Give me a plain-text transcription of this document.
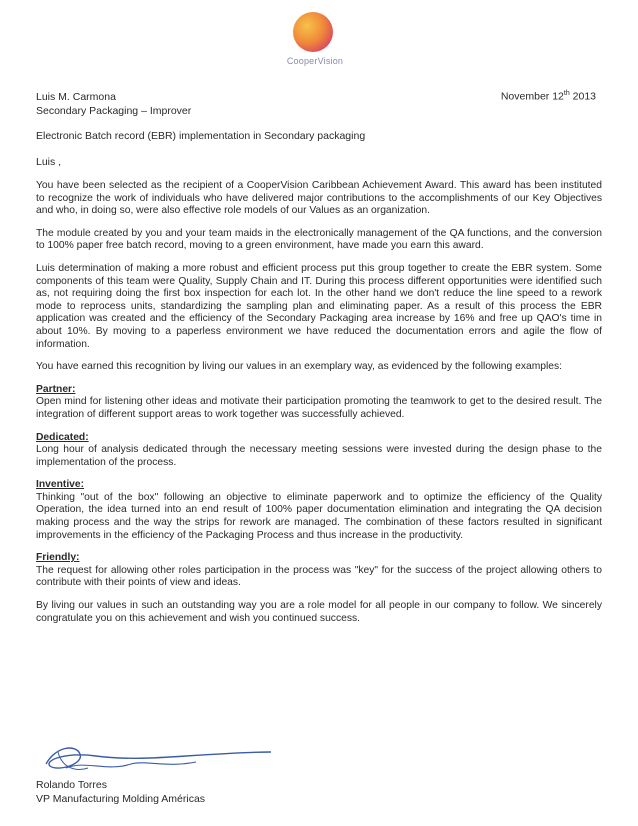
CooperVision
Luis M. Carmona
Secondary Packaging – Improver
November 12th 2013
Electronic Batch record (EBR) implementation in Secondary packaging
Luis ,

You have been selected as the recipient of a CooperVision Caribbean Achievement Award. This award has been instituted to recognize the work of individuals who have delivered major contributions to the accomplishments of our Key Objectives and who, in doing so, were also effective role models of our Values as an organization.

The module created by you and your team maids in the electronically management of the QA functions, and the conversion to 100% paper free batch record, moving to a green environment, have made you earn this award.

Luis determination of making a more robust and efficient process put this group together to create the EBR system. Some components of this team were Quality, Supply Chain and IT. During this process different opportunities were identified such as, not requiring doing the first box inspection for each lot. In the other hand we don't reduce the line speed to a rework mode to reprocess units, standardizing the sampling plan and eliminating paper. As a result of this process the EBR application was created and the efficiency of the Secondary Packaging area increase by 16% and free up QAO's time in about 10%. By moving to a paperless environment we have reduced the documentation errors and agile the flow of information.

You have earned this recognition by living our values in an exemplary way, as evidenced by the following examples:

Partner:
Open mind for listening other ideas and motivate their participation promoting the teamwork to get to the desired result. The integration of different support areas to work together was successfully achieved.
Dedicated:
Long hour of analysis dedicated through the necessary meeting sessions were invested during the design phase to the implementation of the process.
Inventive:
Thinking "out of the box" following an objective to eliminate paperwork and to optimize the efficiency of the Quality Operation, the idea turned into an end result of 100% paper documentation elimination and integrating the QA decision making process and the way the strips for rework are managed. The combination of these factors resulted in significant improvements in the efficiency of the Packaging Process and thus increase in the productivity.
Friendly:
The request for allowing other roles participation in the process was "key" for the success of the project allowing others to contribute with their points of view and ideas.

By living our values in such an outstanding way you are a role model for all people in our company to follow. We sincerely congratulate you on this achievement and wish you continued success.

Rolando Torres
VP Manufacturing Molding Américas
